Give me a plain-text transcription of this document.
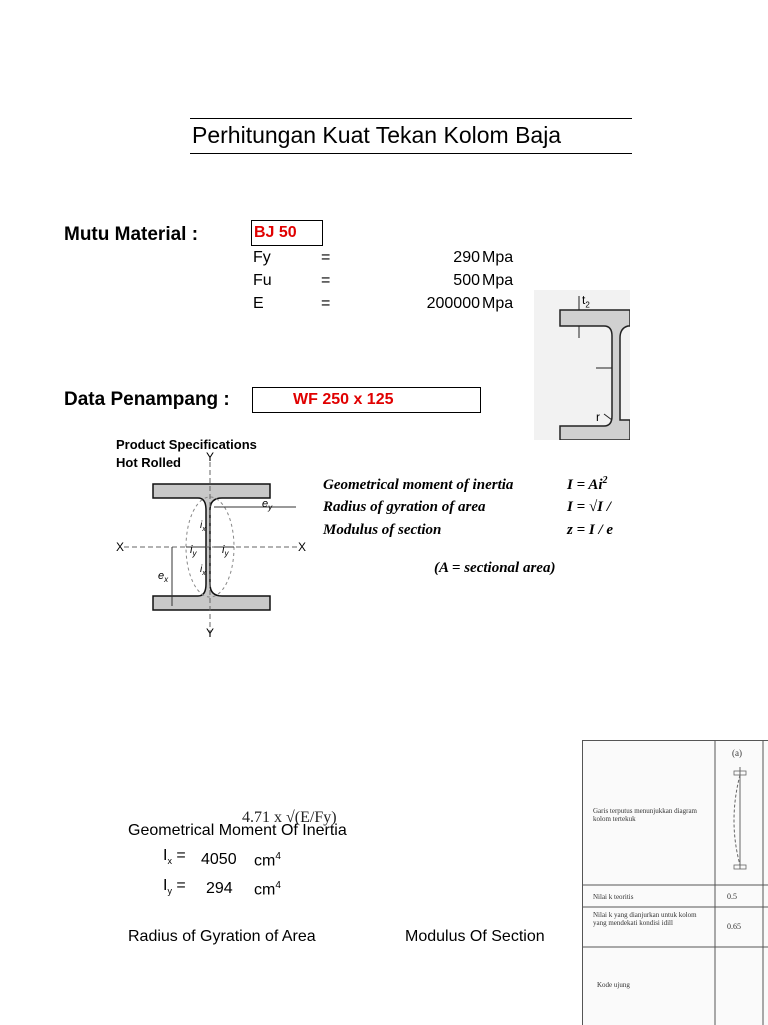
Perhitungan Kuat Tekan Kolom Baja
Mutu Material :	BJ 50
Fy	=	290 Mpa
Fu	=	500 Mpa
E	=	200000 Mpa	$t_2$
r
Data Penampang :	WF 250 x 125
Product Specifications
Hot Rolled Y
Y
X	X
$e_y$
$e_x$
$i_y$ $i_y$
$i_x$
$i_x$
Geometrical moment of inertia	$I = Ai^2$
Radius of gyration of area	I = √I /
Modulus of section	z = I / e
(A = sectional area)
4.71 x √(E/Fy)
Geometrical Moment Of Inertia
$I_x = 4050$ $cm^4$
$I_y = 294$ $cm^4$
Radius of Gyration of Area	Modulus Of Section
(a)
Garis terputus menunjukkan diagram kolom tertekuk
Nilai k teoritis	0.5
Nilai k yang dianjurkan untuk kolom yang mendekati kondisi idill	0.65
Kode ujung
